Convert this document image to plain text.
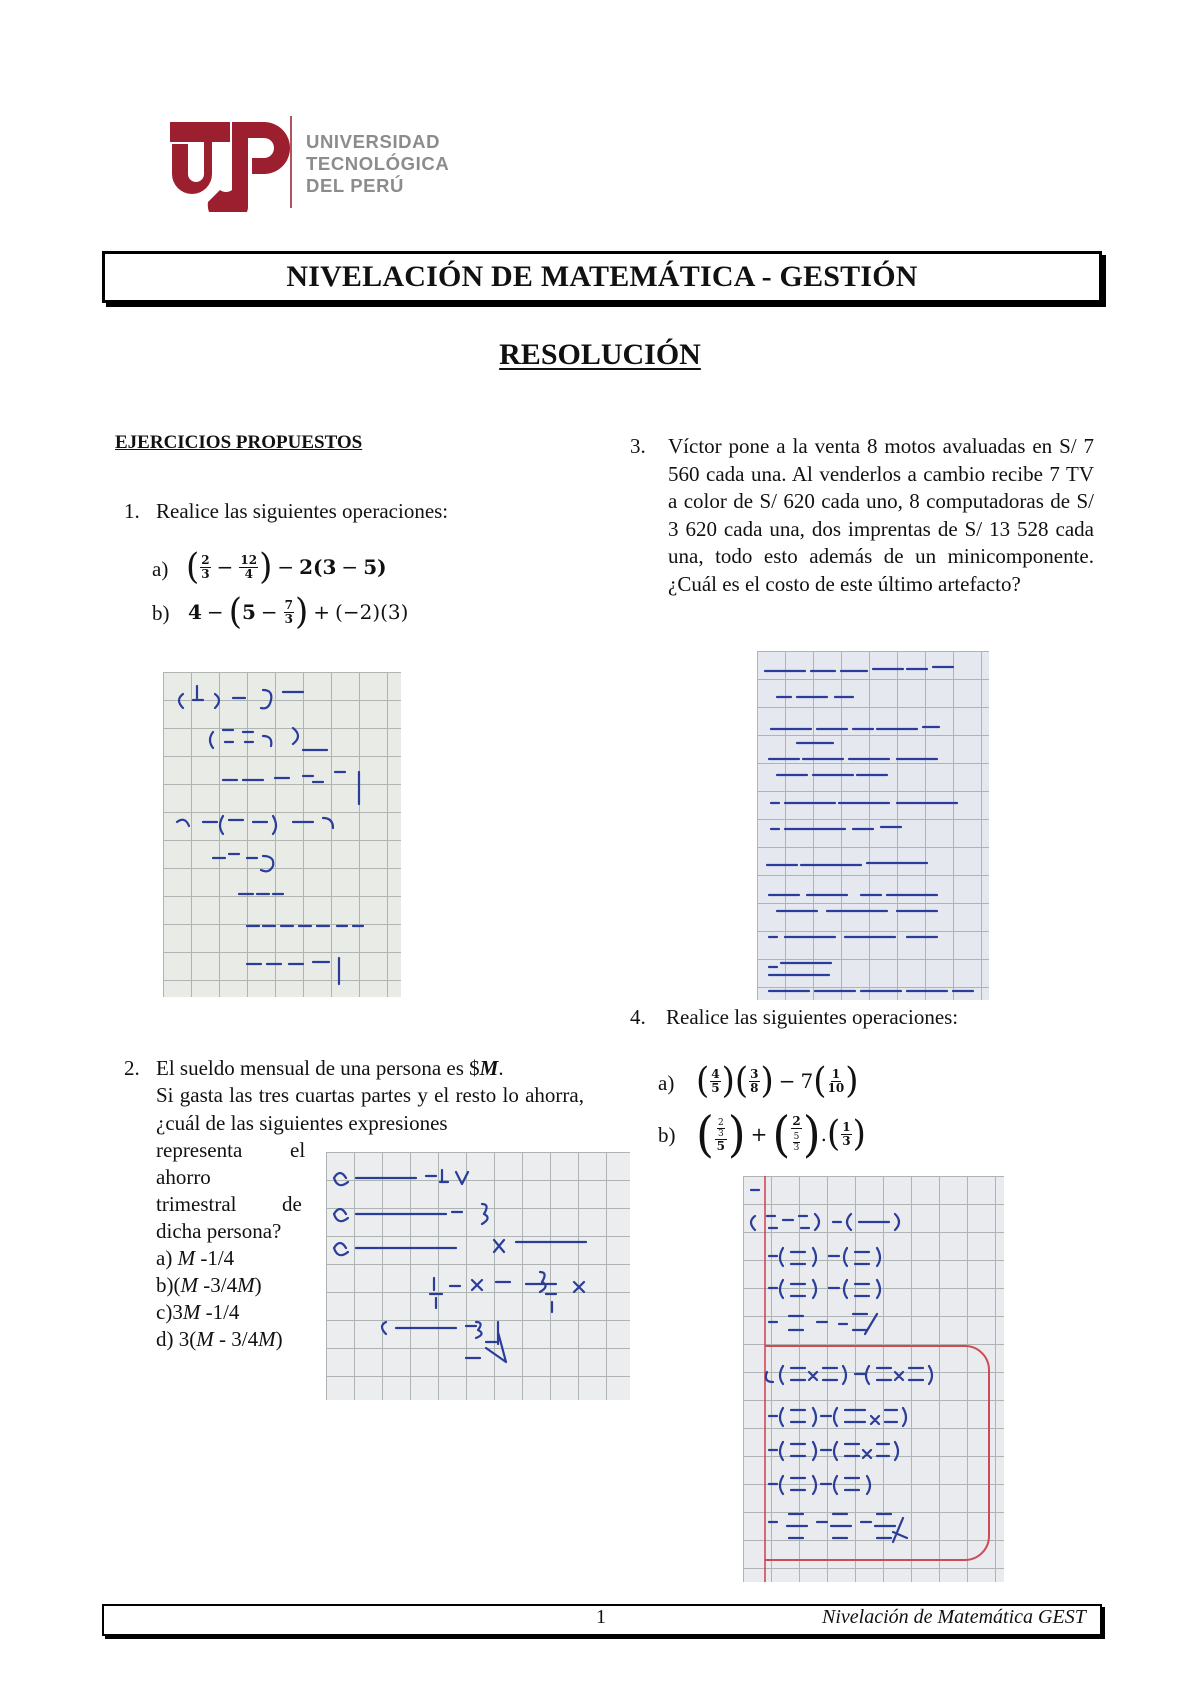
UNIVERSIDAD
TECNOLÓGICA
DEL PERÚ
NIVELACIÓN DE MATEMÁTICA - GESTIÓN
RESOLUCIÓN
EJERCICIOS PROPUESTOS
1. Realice las siguientes operaciones:
a) ( $\frac{2}{3} - \frac{12}{4}$ ) − 2(3 − 5)
b) 4 − ( $5 - \frac{7}{3}$ ) + (−2)(3)
2. El sueldo mensual de una persona es $M.
Si gasta las tres cuartas partes y el resto lo ahorra, ¿cuál de las siguientes expresiones
representa el
ahorro
trimestral de
dicha persona?
a) M -1/4
b)(M -3/4M)
c)3M -1/4
d) 3(M - 3/4M)
3. Víctor pone a la venta 8 motos avaluadas en S/ 7 560 cada una. Al venderlos a cambio recibe 7 TV a color de S/ 620 cada uno, 8 computadoras de S/ 3 620 cada una, dos imprentas de S/ 13 528 cada una, todo esto además de un minicomponente. ¿Cuál es el costo de este último artefacto?
4. Realice las siguientes operaciones:
a) ( $\frac{4}{5}$ ) ( $\frac{3}{8}$ ) − 7 ( $\frac{1}{10}$ )
b) ( $\frac{\frac{2}{3}}{5}$ ) + ( $\frac{2}{\frac{5}{3}}$ ) . ( $\frac{1}{3}$ )
1	Nivelación de Matemática GEST
